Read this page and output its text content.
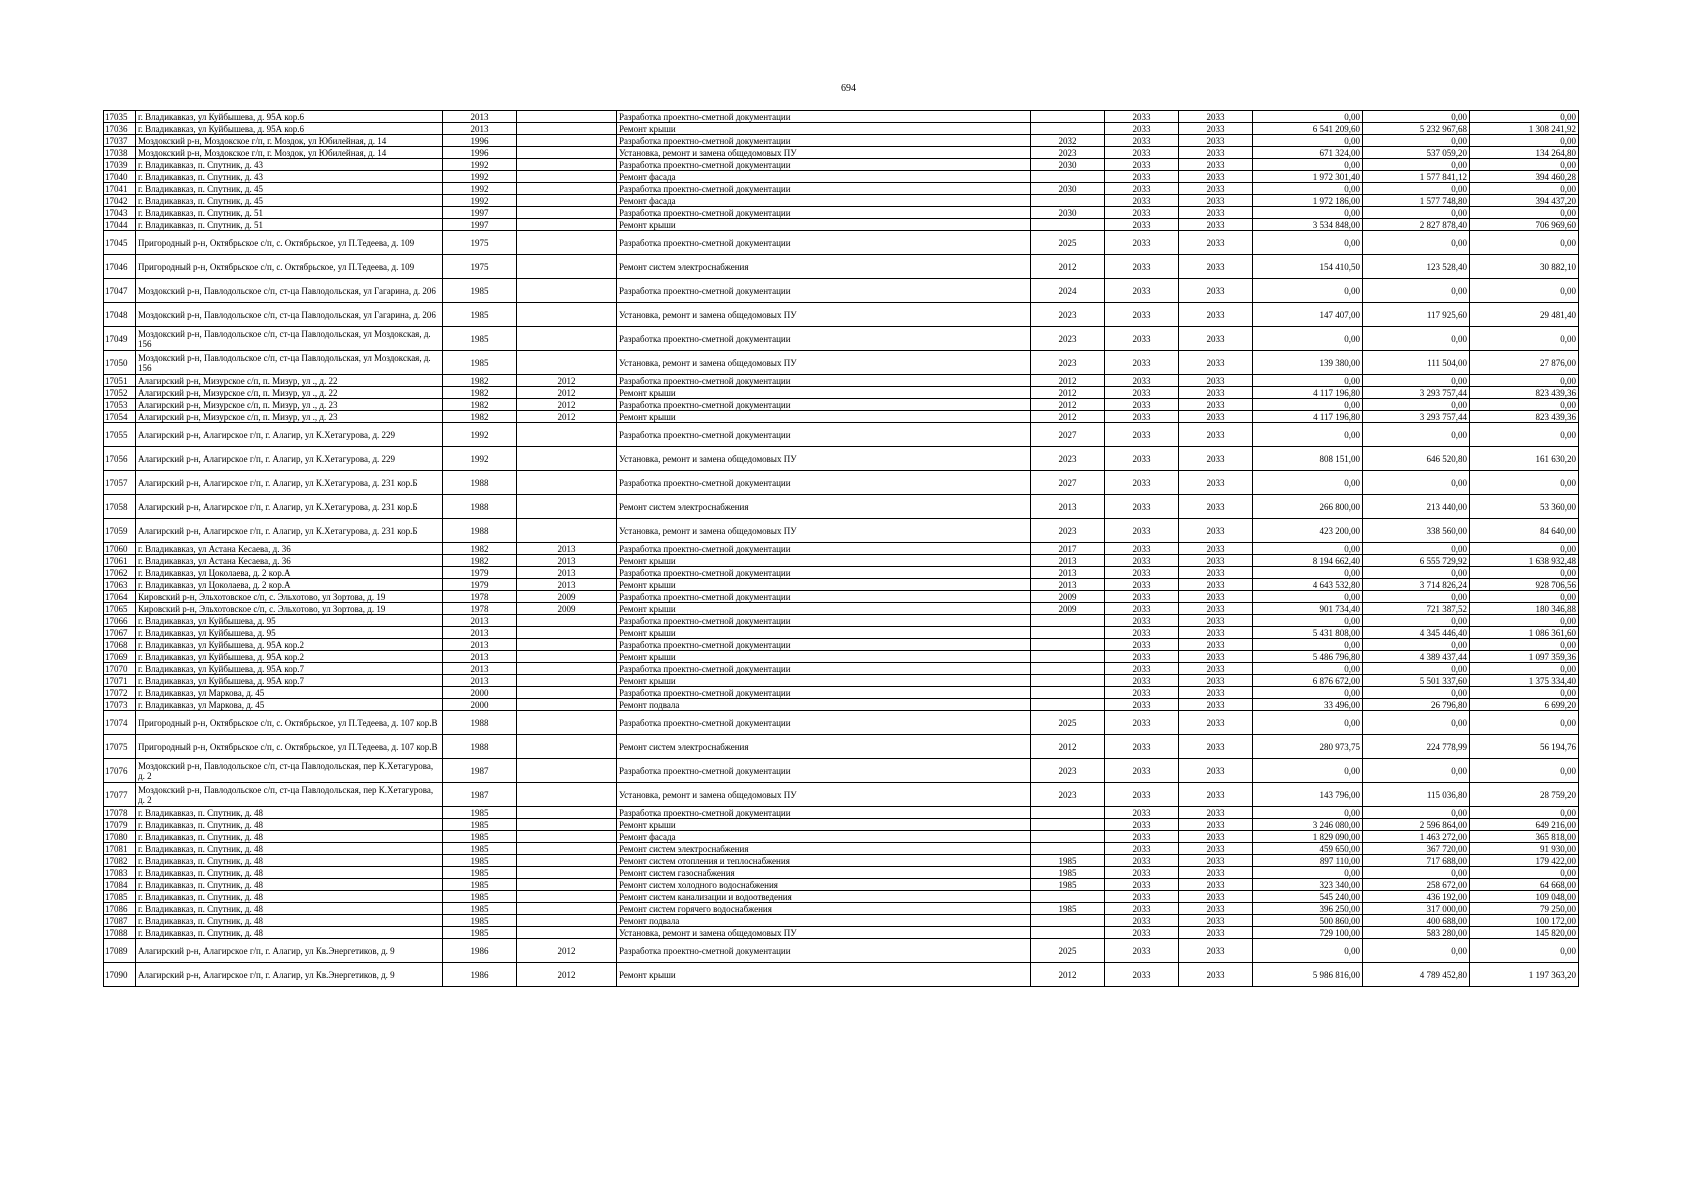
694
17035	г. Владикавказ, ул Куйбышева, д. 95А кор.6	2013		Разработка проектно-сметной документации		2033	2033	0,00	0,00	0,00
17036	г. Владикавказ, ул Куйбышева, д. 95А кор.6	2013		Ремонт крыши		2033	2033	6 541 209,60	5 232 967,68	1 308 241,92
17037	Моздокский р-н, Моздокское г/п, г. Моздок, ул Юбилейная, д. 14	1996		Разработка проектно-сметной документации	2032	2033	2033	0,00	0,00	0,00
17038	Моздокский р-н, Моздокское г/п, г. Моздок, ул Юбилейная, д. 14	1996		Установка, ремонт и замена общедомовых ПУ	2023	2033	2033	671 324,00	537 059,20	134 264,80
17039	г. Владикавказ, п. Спутник, д. 43	1992		Разработка проектно-сметной документации	2030	2033	2033	0,00	0,00	0,00
17040	г. Владикавказ, п. Спутник, д. 43	1992		Ремонт фасада		2033	2033	1 972 301,40	1 577 841,12	394 460,28
17041	г. Владикавказ, п. Спутник, д. 45	1992		Разработка проектно-сметной документации	2030	2033	2033	0,00	0,00	0,00
17042	г. Владикавказ, п. Спутник, д. 45	1992		Ремонт фасада		2033	2033	1 972 186,00	1 577 748,80	394 437,20
17043	г. Владикавказ, п. Спутник, д. 51	1997		Разработка проектно-сметной документации	2030	2033	2033	0,00	0,00	0,00
17044	г. Владикавказ, п. Спутник, д. 51	1997		Ремонт крыши		2033	2033	3 534 848,00	2 827 878,40	706 969,60
17045	Пригородный р-н, Октябрьское с/п, с. Октябрьское, ул П.Тедеева, д. 109	1975		Разработка проектно-сметной документации	2025	2033	2033	0,00	0,00	0,00
17046	Пригородный р-н, Октябрьское с/п, с. Октябрьское, ул П.Тедеева, д. 109	1975		Ремонт систем электроснабжения	2012	2033	2033	154 410,50	123 528,40	30 882,10
17047	Моздокский р-н, Павлодольское с/п, ст-ца Павлодольская, ул Гагарина, д. 206	1985		Разработка проектно-сметной документации	2024	2033	2033	0,00	0,00	0,00
17048	Моздокский р-н, Павлодольское с/п, ст-ца Павлодольская, ул Гагарина, д. 206	1985		Установка, ремонт и замена общедомовых ПУ	2023	2033	2033	147 407,00	117 925,60	29 481,40
17049	Моздокский р-н, Павлодольское с/п, ст-ца Павлодольская, ул Моздокская, д. 156	1985		Разработка проектно-сметной документации	2023	2033	2033	0,00	0,00	0,00
17050	Моздокский р-н, Павлодольское с/п, ст-ца Павлодольская, ул Моздокская, д. 156	1985		Установка, ремонт и замена общедомовых ПУ	2023	2033	2033	139 380,00	111 504,00	27 876,00
17051	Алагирский р-н, Мизурское с/п, п. Мизур, ул ., д. 22	1982	2012	Разработка проектно-сметной документации	2012	2033	2033	0,00	0,00	0,00
17052	Алагирский р-н, Мизурское с/п, п. Мизур, ул ., д. 22	1982	2012	Ремонт крыши	2012	2033	2033	4 117 196,80	3 293 757,44	823 439,36
17053	Алагирский р-н, Мизурское с/п, п. Мизур, ул ., д. 23	1982	2012	Разработка проектно-сметной документации	2012	2033	2033	0,00	0,00	0,00
17054	Алагирский р-н, Мизурское с/п, п. Мизур, ул ., д. 23	1982	2012	Ремонт крыши	2012	2033	2033	4 117 196,80	3 293 757,44	823 439,36
17055	Алагирский р-н, Алагирское г/п, г. Алагир, ул К.Хетагурова, д. 229	1992		Разработка проектно-сметной документации	2027	2033	2033	0,00	0,00	0,00
17056	Алагирский р-н, Алагирское г/п, г. Алагир, ул К.Хетагурова, д. 229	1992		Установка, ремонт и замена общедомовых ПУ	2023	2033	2033	808 151,00	646 520,80	161 630,20
17057	Алагирский р-н, Алагирское г/п, г. Алагир, ул К.Хетагурова, д. 231 кор.Б	1988		Разработка проектно-сметной документации	2027	2033	2033	0,00	0,00	0,00
17058	Алагирский р-н, Алагирское г/п, г. Алагир, ул К.Хетагурова, д. 231 кор.Б	1988		Ремонт систем электроснабжения	2013	2033	2033	266 800,00	213 440,00	53 360,00
17059	Алагирский р-н, Алагирское г/п, г. Алагир, ул К.Хетагурова, д. 231 кор.Б	1988		Установка, ремонт и замена общедомовых ПУ	2023	2033	2033	423 200,00	338 560,00	84 640,00
17060	г. Владикавказ, ул Астана Кесаева, д. 36	1982	2013	Разработка проектно-сметной документации	2017	2033	2033	0,00	0,00	0,00
17061	г. Владикавказ, ул Астана Кесаева, д. 36	1982	2013	Ремонт крыши	2013	2033	2033	8 194 662,40	6 555 729,92	1 638 932,48
17062	г. Владикавказ, ул Цоколаева, д. 2 кор.А	1979	2013	Разработка проектно-сметной документации	2013	2033	2033	0,00	0,00	0,00
17063	г. Владикавказ, ул Цоколаева, д. 2 кор.А	1979	2013	Ремонт крыши	2013	2033	2033	4 643 532,80	3 714 826,24	928 706,56
17064	Кировский р-н, Эльхотовское с/п, с. Эльхотово, ул Зортова, д. 19	1978	2009	Разработка проектно-сметной документации	2009	2033	2033	0,00	0,00	0,00
17065	Кировский р-н, Эльхотовское с/п, с. Эльхотово, ул Зортова, д. 19	1978	2009	Ремонт крыши	2009	2033	2033	901 734,40	721 387,52	180 346,88
17066	г. Владикавказ, ул Куйбышева, д. 95	2013		Разработка проектно-сметной документации		2033	2033	0,00	0,00	0,00
17067	г. Владикавказ, ул Куйбышева, д. 95	2013		Ремонт крыши		2033	2033	5 431 808,00	4 345 446,40	1 086 361,60
17068	г. Владикавказ, ул Куйбышева, д. 95А кор.2	2013		Разработка проектно-сметной документации		2033	2033	0,00	0,00	0,00
17069	г. Владикавказ, ул Куйбышева, д. 95А кор.2	2013		Ремонт крыши		2033	2033	5 486 796,80	4 389 437,44	1 097 359,36
17070	г. Владикавказ, ул Куйбышева, д. 95А кор.7	2013		Разработка проектно-сметной документации		2033	2033	0,00	0,00	0,00
17071	г. Владикавказ, ул Куйбышева, д. 95А кор.7	2013		Ремонт крыши		2033	2033	6 876 672,00	5 501 337,60	1 375 334,40
17072	г. Владикавказ, ул Маркова, д. 45	2000		Разработка проектно-сметной документации		2033	2033	0,00	0,00	0,00
17073	г. Владикавказ, ул Маркова, д. 45	2000		Ремонт подвала		2033	2033	33 496,00	26 796,80	6 699,20
17074	Пригородный р-н, Октябрьское с/п, с. Октябрьское, ул П.Тедеева, д. 107 кор.В	1988		Разработка проектно-сметной документации	2025	2033	2033	0,00	0,00	0,00
17075	Пригородный р-н, Октябрьское с/п, с. Октябрьское, ул П.Тедеева, д. 107 кор.В	1988		Ремонт систем электроснабжения	2012	2033	2033	280 973,75	224 778,99	56 194,76
17076	Моздокский р-н, Павлодольское с/п, ст-ца Павлодольская, пер К.Хетагурова, д. 2	1987		Разработка проектно-сметной документации	2023	2033	2033	0,00	0,00	0,00
17077	Моздокский р-н, Павлодольское с/п, ст-ца Павлодольская, пер К.Хетагурова, д. 2	1987		Установка, ремонт и замена общедомовых ПУ	2023	2033	2033	143 796,00	115 036,80	28 759,20
17078	г. Владикавказ, п. Спутник, д. 48	1985		Разработка проектно-сметной документации		2033	2033	0,00	0,00	0,00
17079	г. Владикавказ, п. Спутник, д. 48	1985		Ремонт крыши		2033	2033	3 246 080,00	2 596 864,00	649 216,00
17080	г. Владикавказ, п. Спутник, д. 48	1985		Ремонт фасада		2033	2033	1 829 090,00	1 463 272,00	365 818,00
17081	г. Владикавказ, п. Спутник, д. 48	1985		Ремонт систем электроснабжения		2033	2033	459 650,00	367 720,00	91 930,00
17082	г. Владикавказ, п. Спутник, д. 48	1985		Ремонт систем отопления и теплоснабжения	1985	2033	2033	897 110,00	717 688,00	179 422,00
17083	г. Владикавказ, п. Спутник, д. 48	1985		Ремонт систем газоснабжения	1985	2033	2033	0,00	0,00	0,00
17084	г. Владикавказ, п. Спутник, д. 48	1985		Ремонт систем холодного водоснабжения	1985	2033	2033	323 340,00	258 672,00	64 668,00
17085	г. Владикавказ, п. Спутник, д. 48	1985		Ремонт систем канализации и водоотведения		2033	2033	545 240,00	436 192,00	109 048,00
17086	г. Владикавказ, п. Спутник, д. 48	1985		Ремонт систем горячего водоснабжения	1985	2033	2033	396 250,00	317 000,00	79 250,00
17087	г. Владикавказ, п. Спутник, д. 48	1985		Ремонт подвала		2033	2033	500 860,00	400 688,00	100 172,00
17088	г. Владикавказ, п. Спутник, д. 48	1985		Установка, ремонт и замена общедомовых ПУ		2033	2033	729 100,00	583 280,00	145 820,00
17089	Алагирский р-н, Алагирское г/п, г. Алагир, ул Кв.Энергетиков, д. 9	1986	2012	Разработка проектно-сметной документации	2025	2033	2033	0,00	0,00	0,00
17090	Алагирский р-н, Алагирское г/п, г. Алагир, ул Кв.Энергетиков, д. 9	1986	2012	Ремонт крыши	2012	2033	2033	5 986 816,00	4 789 452,80	1 197 363,20
